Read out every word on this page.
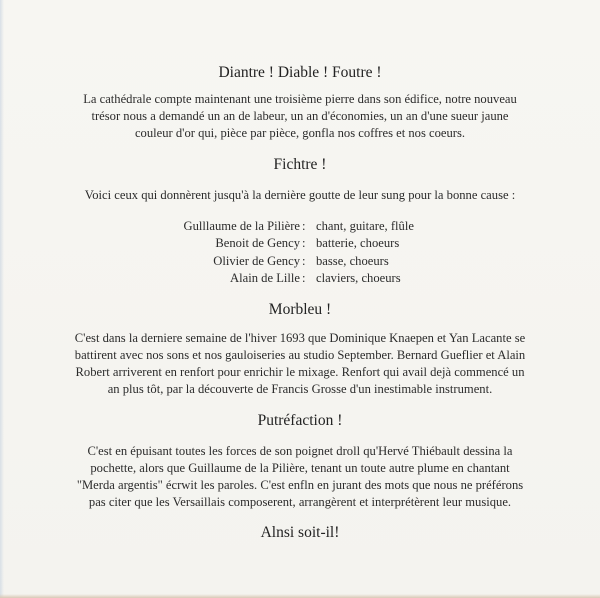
Diantre ! Diable ! Foutre !
La cathédrale compte maintenant une troisième pierre dans son édifice, notre nouveau
trésor nous a demandé un an de labeur, un an d'économies, un an d'une sueur jaune
couleur d'or qui, pièce par pièce, gonfla nos coffres et nos coeurs.
Fichtre !
Voici ceux qui donnèrent jusqu'à la dernière goutte de leur sung pour la bonne cause :
Gulllaume de la Pilière : chant, guitare, flûle
Benoit de Gency : batterie, choeurs
Olivier de Gency : basse, choeurs
Alain de Lille : claviers, choeurs
Morbleu !
C'est dans la derniere semaine de l'hiver 1693 que Dominique Knaepen et Yan Lacante se
battirent avec nos sons et nos gauloiseries au studio September. Bernard Gueflier et Alain
Robert arriverent en renfort pour enrichir le mixage. Renfort qui avail dejà commencé un
an plus tôt, par la découverte de Francis Grosse d'un inestimable instrument.
Putréfaction !
C'est en épuisant toutes les forces de son poignet droll qu'Hervé Thiébault dessina la
pochette, alors que Guillaume de la Pilière, tenant un toute autre plume en chantant
"Merda argentis" écrwit les paroles. C'est enfln en jurant des mots que nous ne préférons
pas citer que les Versaillais composerent, arrangèrent et interprétèrent leur musique.
Alnsi soit-il!
